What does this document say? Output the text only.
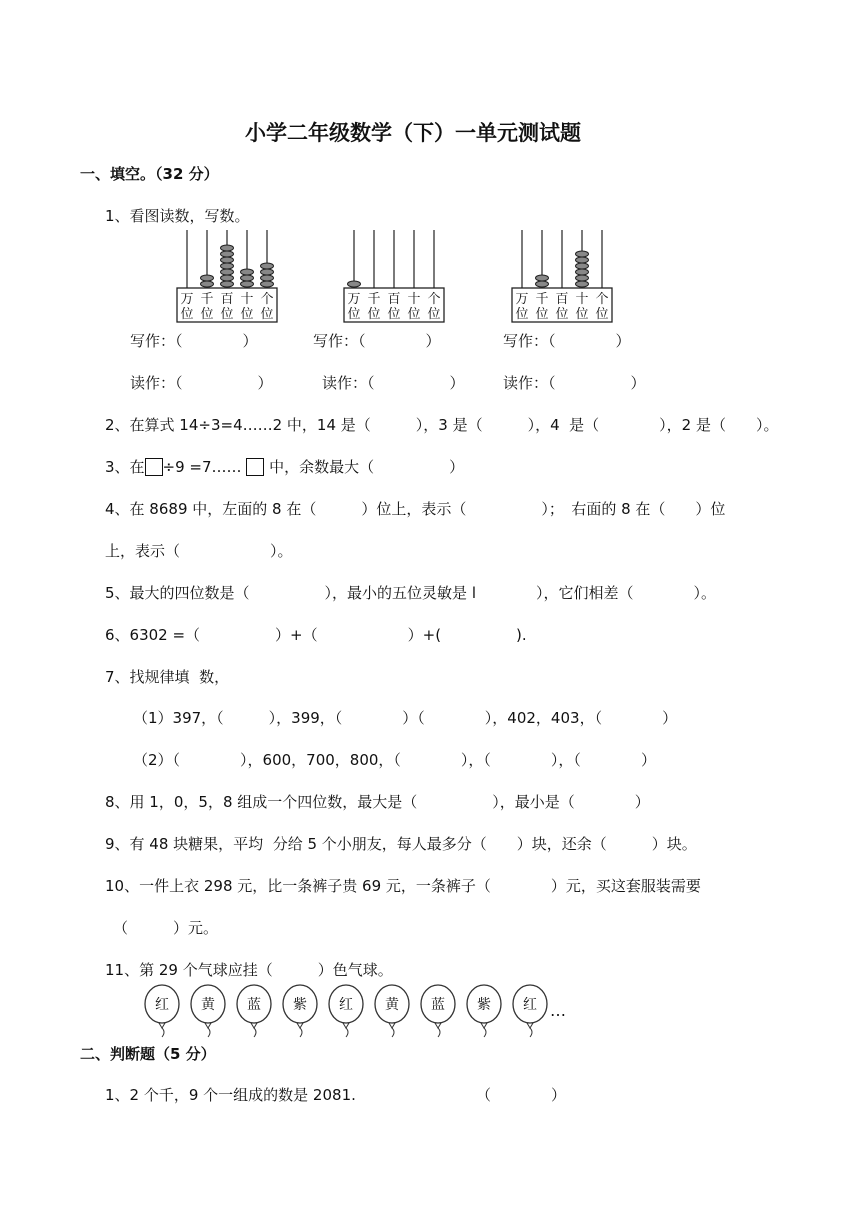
小学二年级数学（下）一单元测试题
一、填空。（32 分）
1、看图读数，写数。
万
位
千
位
百
位
十
位
个
位
万
位
千
位
百
位
十
位
个
位
万
位
千
位
百
位
十
位
个
位
写作：（　　　　）	写作：（　　　　）	写作：（　　　　）
读作：（　　　　　）	读作：（　　　　　）	读作：（　　　　　）
2、在算式 14÷3=4……2 中，14 是（　　　），3 是（　　　），4  是（　　　　），2 是（　　）。
3、在 ÷9 =7…… 中，余数最大（　　　　　）
4、在 8689 中，左面的 8 在（　　　）位上，表示（　　　　　）；　右面的 8 在（　　）位
上，表示（　　　　　　）。
5、最大的四位数是（　　　　　），最小的五位灵敏是 l　　　　），它们相差（　　　　）。
6、6302 =（　　　　　）+（　　　　　　）+(　　　　　).
7、找规律填  数，
（1）397，（　　　），399，（　　　　）（　　　　），402，403，（　　　　）
（2）（　　　　），600，700，800，（　　　　），（　　　　），（　　　　）
8、用 1，0，5，8 组成一个四位数，最大是（　　　　　），最小是（　　　　）
9、有 48 块糖果，平均  分给 5 个小朋友，每人最多分（　　）块，还余（　　　）块。
10、一件上衣 298 元，比一条裤子贵 69 元，一条裤子（　　　　）元，买这套服装需要
（　　　）元。
11、第 29 个气球应挂（　　　）色气球。
红 黄 蓝 紫 红 黄 蓝 紫 红 …
二、判断题（5 分）
1、2 个千，9 个一组成的数是 2081.	（　　　　）
